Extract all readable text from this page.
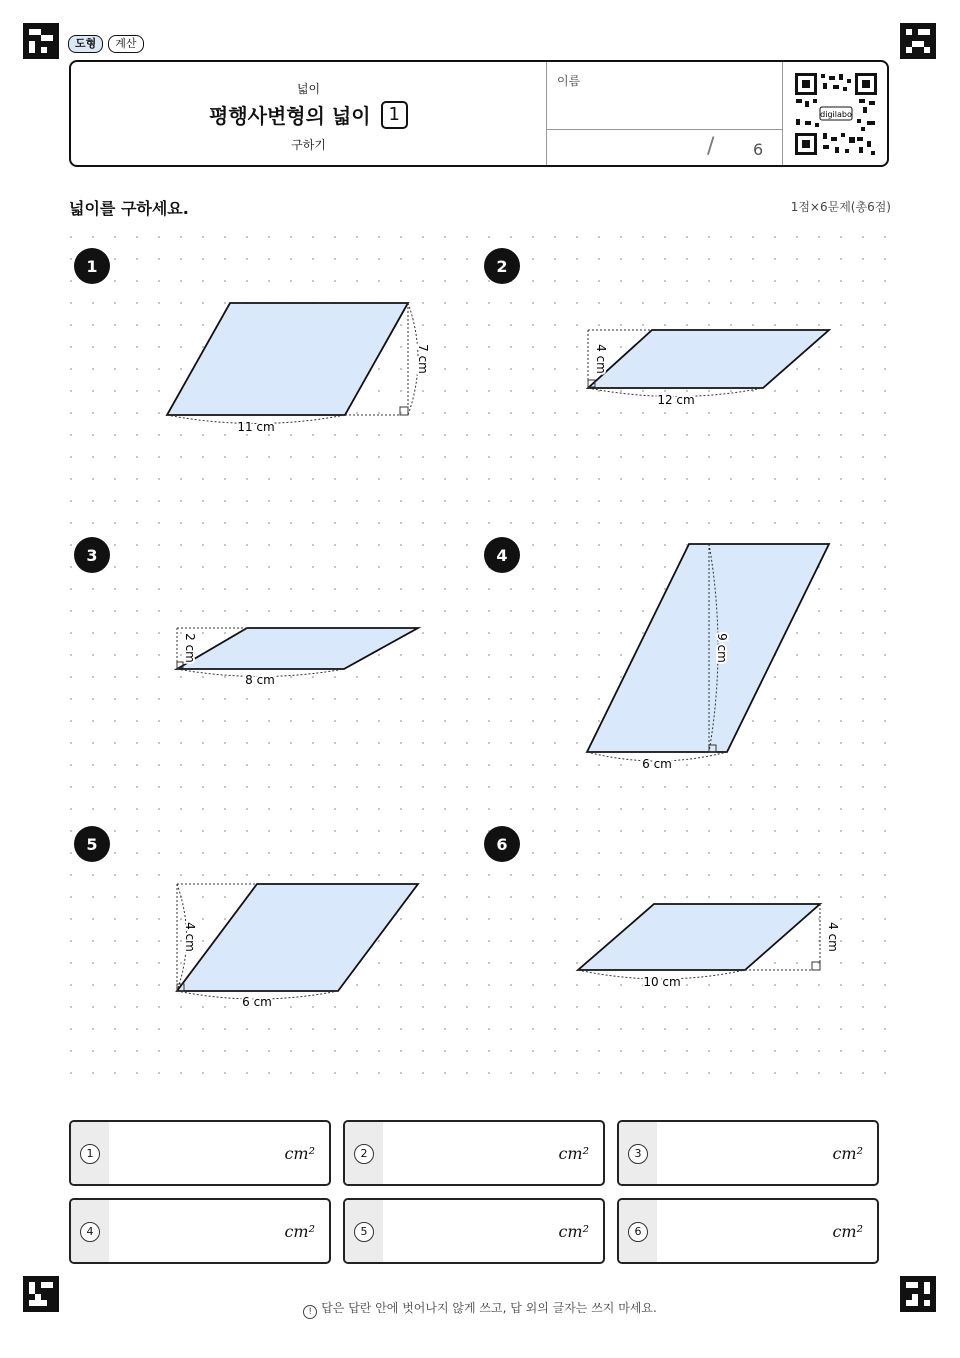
도형	계산
넓이
평행사변형의 넓이	1
구하기
이름
/ 6
digilabo
넓이를 구하세요.	1점×6문제(총6점)
1
11 cm
7 cm
2
12 cm
4 cm
3
8 cm
2 cm
4
6 cm
9 cm
5
6 cm
4 cm
6
10 cm
4 cm
1	cm²	2	cm²	3	cm²
4	cm²	5	cm²	6	cm²
! 답은 답란 안에 벗어나지 않게 쓰고, 답 외의 글자는 쓰지 마세요.
